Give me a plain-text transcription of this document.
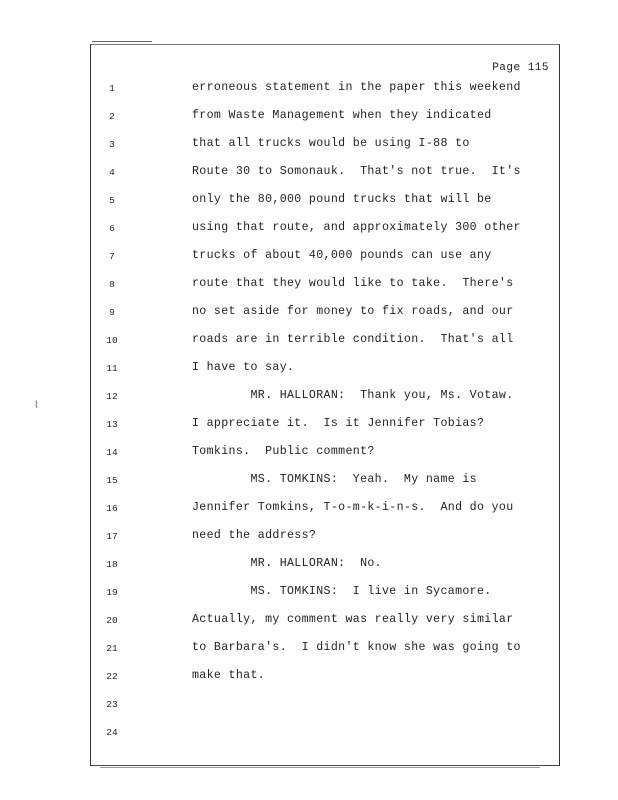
Page 115
1	erroneous statement in the paper this weekend
2	from Waste Management when they indicated
3	that all trucks would be using I-88 to
4	Route 30 to Somonauk.  That's not true.  It's
5	only the 80,000 pound trucks that will be
6	using that route, and approximately 300 other
7	trucks of about 40,000 pounds can use any
8	route that they would like to take.  There's
9	no set aside for money to fix roads, and our
10	roads are in terrible condition.  That's all
11	I have to say.
12	MR. HALLORAN:  Thank you, Ms. Votaw.
13	I appreciate it.  Is it Jennifer Tobias?
14	Tomkins.  Public comment?
15	MS. TOMKINS:  Yeah.  My name is
16	Jennifer Tomkins, T-o-m-k-i-n-s.  And do you
17	need the address?
18	MR. HALLORAN:  No.
19	MS. TOMKINS:  I live in Sycamore.
20	Actually, my comment was really very similar
21	to Barbara's.  I didn't know she was going to
22	make that.
23
24
⌇
